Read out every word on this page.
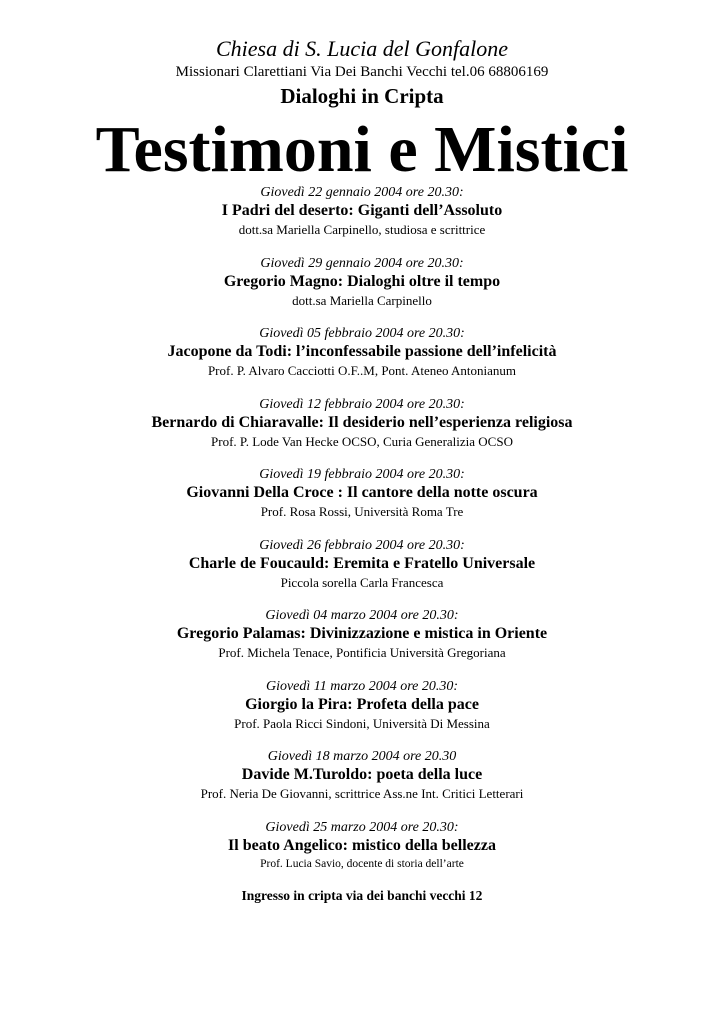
Chiesa di S. Lucia del Gonfalone
Missionari Clarettiani Via Dei Banchi Vecchi tel.06 68806169
Dialoghi in Cripta
Testimoni e Mistici
Giovedì 22 gennaio 2004 ore 20.30:
I Padri del deserto: Giganti dell’Assoluto
dott.sa Mariella Carpinello, studiosa e scrittrice
Giovedì 29 gennaio 2004 ore 20.30:
Gregorio Magno: Dialoghi oltre il tempo
dott.sa Mariella Carpinello
Giovedì 05 febbraio 2004 ore 20.30:
Jacopone da Todi: l’inconfessabile passione dell’infelicità
Prof. P. Alvaro Cacciotti O.F..M, Pont. Ateneo Antonianum
Giovedì 12 febbraio 2004 ore 20.30:
Bernardo di Chiaravalle: Il desiderio nell’esperienza religiosa
Prof. P. Lode Van Hecke OCSO, Curia Generalizia OCSO
Giovedì 19 febbraio 2004 ore 20.30:
Giovanni Della Croce : Il cantore della notte oscura
Prof. Rosa Rossi, Università Roma Tre
Giovedì 26 febbraio 2004 ore 20.30:
Charle de Foucauld: Eremita e Fratello Universale
Piccola sorella Carla Francesca
Giovedì 04 marzo 2004 ore 20.30:
Gregorio Palamas: Divinizzazione e mistica in Oriente
Prof. Michela Tenace, Pontificia Università Gregoriana
Giovedì 11 marzo 2004 ore 20.30:
Giorgio la Pira: Profeta della pace
Prof. Paola Ricci Sindoni, Università Di Messina
Giovedì 18 marzo 2004 ore 20.30
Davide M.Turoldo: poeta della luce
Prof. Neria De Giovanni, scrittrice Ass.ne Int. Critici Letterari
Giovedì 25 marzo 2004 ore 20.30:
Il beato Angelico: mistico della bellezza
Prof. Lucia Savio, docente di storia dell’arte
Ingresso in cripta via dei banchi vecchi 12
